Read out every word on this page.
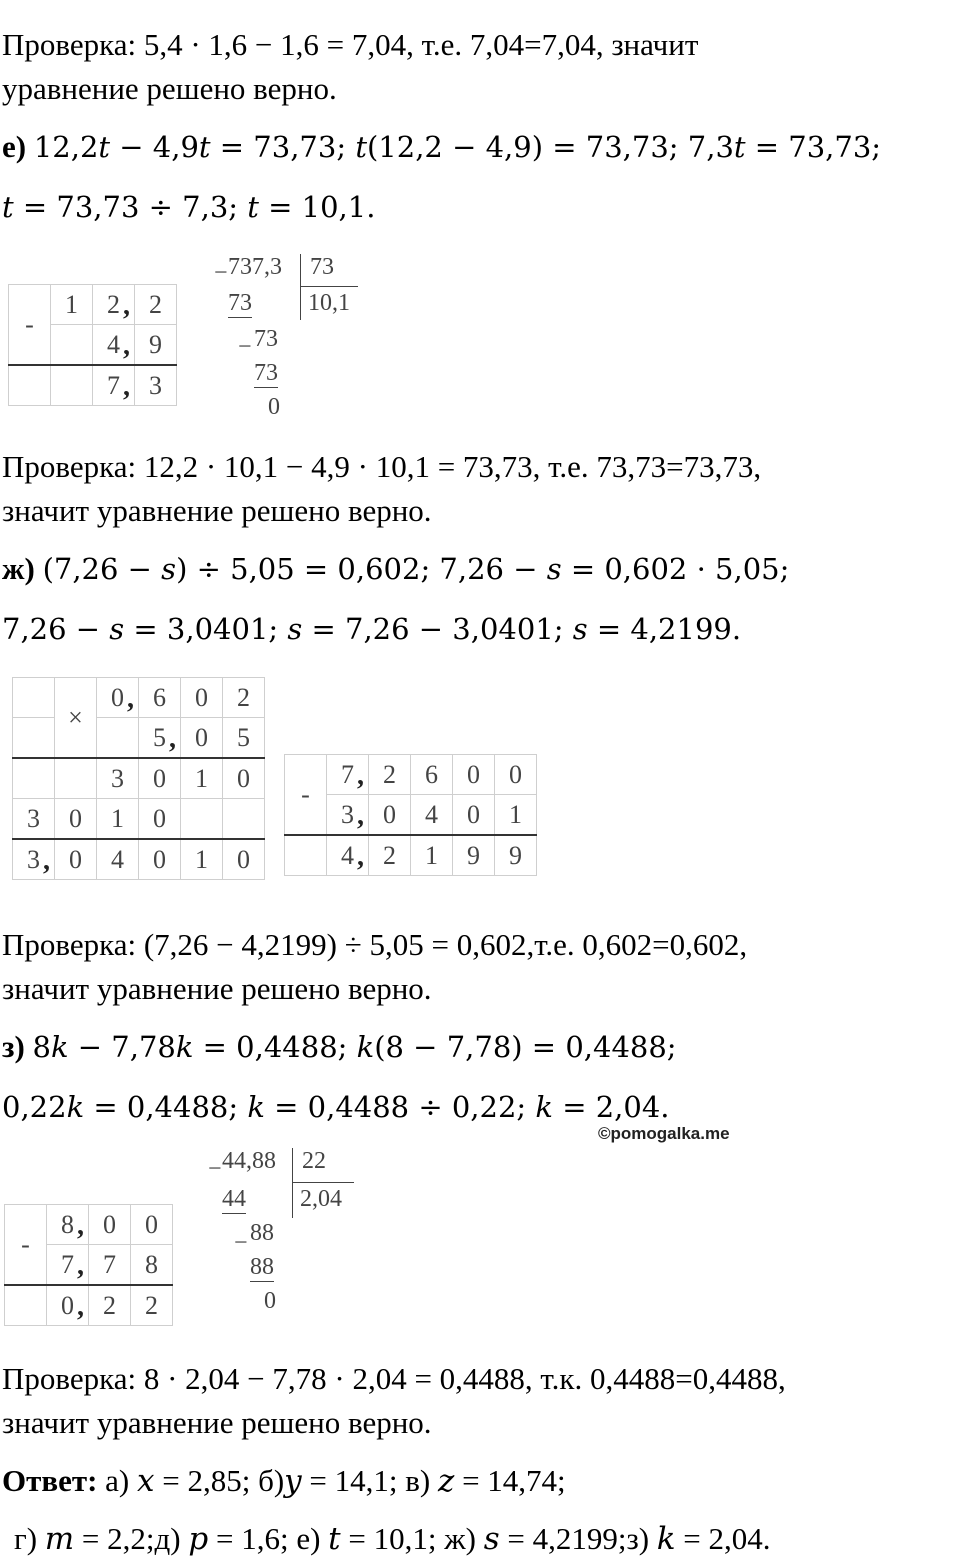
Проверка: 5,4 · 1,6 − 1,6 = 7,04, т.е. 7,04=7,04, значит
уравнение решено верно.
е) 12,2𝑡 − 4,9𝑡 = 73,73; 𝑡(12,2 − 4,9) = 73,73; 7,3𝑡 = 73,73;
𝑡 = 73,73 ÷ 7,3; 𝑡 = 10,1.
-	1	2 ,	2
		4 ,	9
		7 ,	3
− 737,3 73
10,1
73
− 73
73
0
Проверка: 12,2 · 10,1 − 4,9 · 10,1 = 73,73, т.е. 73,73=73,73,
значит уравнение решено верно.
ж) (7,26 − 𝑠) ÷ 5,05 = 0,602; 7,26 − 𝑠 = 0,602 · 5,05;
7,26 − 𝑠 = 3,0401; 𝑠 = 7,26 − 3,0401; 𝑠 = 4,2199.
	×	0 ,	6	0	2
			5 ,	0	5
		3	0	1	0
3	0	1	0		
3 ,	0	4	0	1	0
-	7 ,	2	6	0	0
	3 ,	0	4	0	1
	4 ,	2	1	9	9
Проверка: (7,26 − 4,2199) ÷ 5,05 = 0,602,т.е. 0,602=0,602,
значит уравнение решено верно.
з) 8𝑘 − 7,78𝑘 = 0,4488; 𝑘(8 − 7,78) = 0,4488;
0,22𝑘 = 0,4488; 𝑘 = 0,4488 ÷ 0,22; 𝑘 = 2,04.
©pomogalka.me
− 44,88 22
2,04
44
− 88
88
0
-	8 ,	0	0
	7 ,	7	8
	0 ,	2	2
Проверка: 8 · 2,04 − 7,78 · 2,04 = 0,4488, т.к. 0,4488=0,4488,
значит уравнение решено верно.
Ответ: а) 𝑥 = 2,85; б)𝑦 = 14,1; в) 𝑧 = 14,74;
г) 𝑚 = 2,2;д) 𝑝 = 1,6; е) 𝑡 = 10,1; ж) 𝑠 = 4,2199;з) 𝑘 = 2,04.
